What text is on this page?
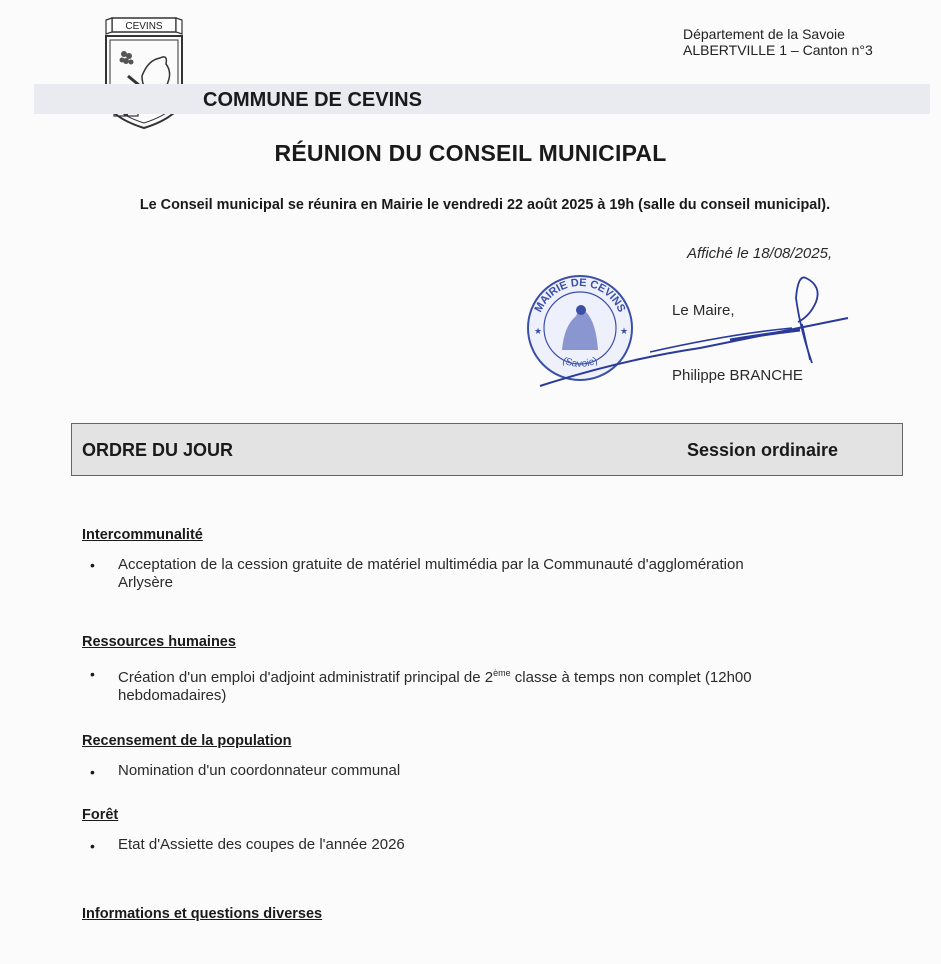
CEVINS	Département de la Savoie
ALBERTVILLE 1 – Canton n°3
COMMUNE DE CEVINS
RÉUNION DU CONSEIL MUNICIPAL
Le Conseil municipal se réunira en Mairie le vendredi 22 août 2025 à 19h (salle du conseil municipal).
Affiché le 18/08/2025,
MAIRIE DE CEVINS
(Savoie)
★	★
Le Maire,
Philippe BRANCHE
ORDRE DU JOUR	Session ordinaire
Intercommunalité
• Acceptation de la cession gratuite de matériel multimédia par la Communauté d'agglomération
Arlysère
Ressources humaines
• Création d'un emploi d'adjoint administratif principal de 2ème classe à temps non complet (12h00
hebdomadaires)
Recensement de la population
• Nomination d'un coordonnateur communal
Forêt
• Etat d'Assiette des coupes de l'année 2026
Informations et questions diverses
